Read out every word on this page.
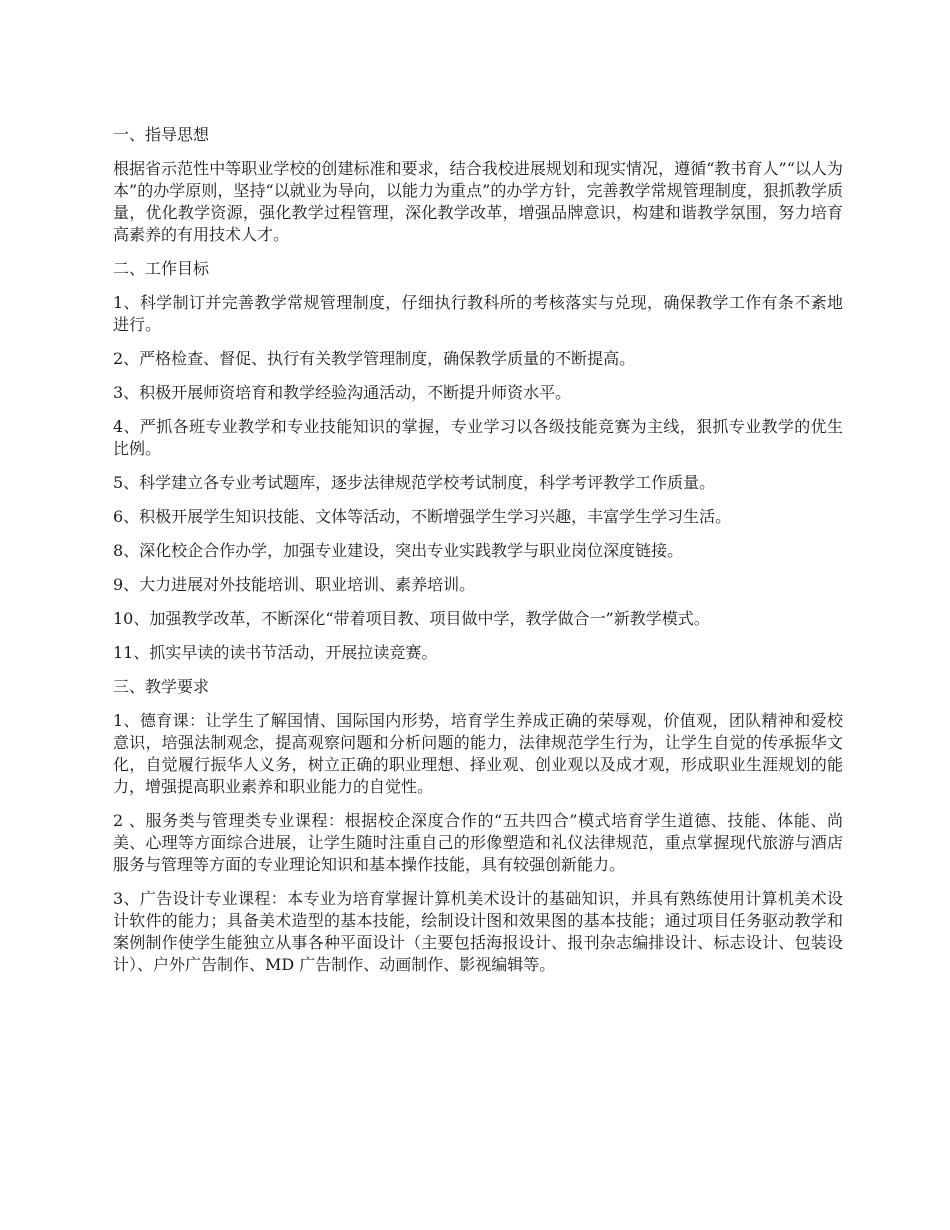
一、指导思想

根据省示范性中等职业学校的创建标准和要求，结合我校进展规划和现实情况，遵循“教书育人”“以人为本”的办学原则，坚持“以就业为导向，以能力为重点”的办学方针，完善教学常规管理制度，狠抓教学质量，优化教学资源，强化教学过程管理，深化教学改革，增强品牌意识，构建和谐教学氛围，努力培育高素养的有用技术人才。

二、工作目标

1、科学制订并完善教学常规管理制度，仔细执行教科所的考核落实与兑现，确保教学工作有条不紊地进行。

2、严格检查、督促、执行有关教学管理制度，确保教学质量的不断提高。

3、积极开展师资培育和教学经验沟通活动，不断提升师资水平。

4、严抓各班专业教学和专业技能知识的掌握，专业学习以各级技能竞赛为主线，狠抓专业教学的优生比例。

5、科学建立各专业考试题库，逐步法律规范学校考试制度，科学考评教学工作质量。

6、积极开展学生知识技能、文体等活动，不断增强学生学习兴趣，丰富学生学习生活。

8、深化校企合作办学，加强专业建设，突出专业实践教学与职业岗位深度链接。

9、大力进展对外技能培训、职业培训、素养培训。

10、加强教学改革，不断深化“带着项目教、项目做中学，教学做合一”新教学模式。

11、抓实早读的读书节活动，开展拉读竞赛。

三、教学要求

1、德育课：让学生了解国情、国际国内形势，培育学生养成正确的荣辱观，价值观，团队精神和爱校意识，培强法制观念，提高观察问题和分析问题的能力，法律规范学生行为，让学生自觉的传承振华文化，自觉履行振华人义务，树立正确的职业理想、择业观、创业观以及成才观，形成职业生涯规划的能力，增强提高职业素养和职业能力的自觉性。

2 、服务类与管理类专业课程：根据校企深度合作的“五共四合”模式培育学生道德、技能、体能、尚美、心理等方面综合进展，让学生随时注重自己的形像塑造和礼仪法律规范，重点掌握现代旅游与酒店服务与管理等方面的专业理论知识和基本操作技能，具有较强创新能力。

3、广告设计专业课程：本专业为培育掌握计算机美术设计的基础知识，并具有熟练使用计算机美术设计软件的能力；具备美术造型的基本技能，绘制设计图和效果图的基本技能；通过项目任务驱动教学和案例制作使学生能独立从事各种平面设计（主要包括海报设计、报刊杂志编排设计、标志设计、包装设计）、户外广告制作、MD 广告制作、动画制作、影视编辑等。
